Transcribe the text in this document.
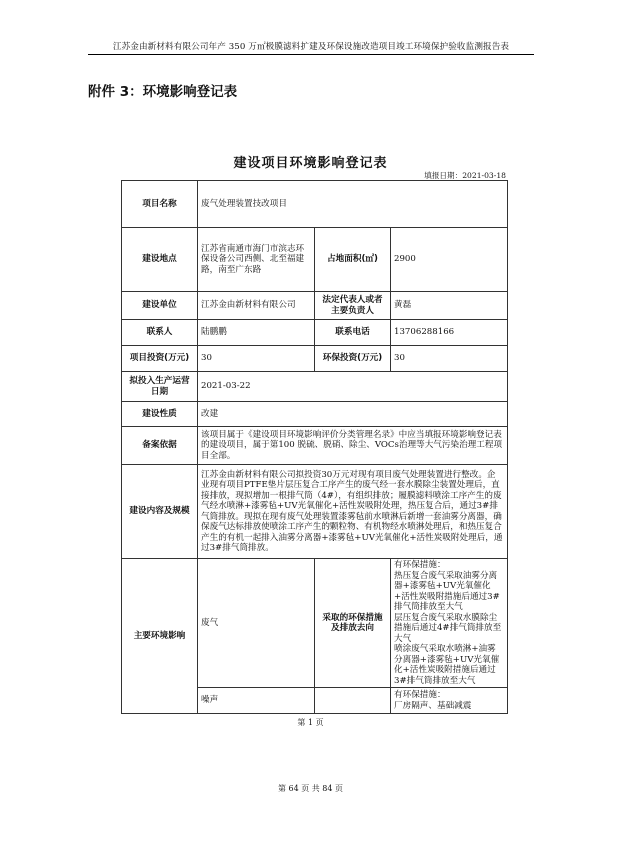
江苏金由新材料有限公司年产 350 万㎡极膜滤料扩建及环保设施改造项目竣工环境保护验收监测报告表
附件 3：环境影响登记表
建设项目环境影响登记表
填报日期：2021-03-18
项目名称	废气处理装置技改项目		
建设地点	江苏省南通市海门市滨志环保设备公司西侧、北至福建路，南至广东路	占地面积(㎡)	2900
建设单位	江苏金由新材料有限公司	法定代表人或者
主要负责人	黄磊
联系人	陆鹏鹏	联系电话	13706288166
项目投资(万元)	30	环保投资(万元)	30
拟投入生产运营
日期	2021-03-22		
建设性质	改建		
备案依据	该项目属于《建设项目环境影响评价分类管理名录》中应当填报环境影响登记表的建设项目，属于第100 脱硫、脱硝、除尘、VOCs治理等大气污染治理工程项目全部。		
建设内容及规模	江苏金由新材料有限公司拟投资30万元对现有项目废气处理装置进行整改。企业现有项目PTFE垫片层压复合工序产生的废气经一套水膜除尘装置处理后，直接排放，现拟增加一根排气筒（4#），有组织排放；履膜滤料喷涂工序产生的废气经水喷淋+漆雾毡+UV光氧催化+活性炭吸附处理，热压复合后，通过3#排气筒排放。现拟在现有废气处理装置漆雾毡前水喷淋后新增一套油雾分离器，确保废气达标排放使喷涂工序产生的颗粒物、有机物经水喷淋处理后，和热压复合产生的有机一起排入油雾分离器+漆雾毡+UV光氧催化+活性炭吸附处理后，通过3#排气筒排放。		
主要环境影响	废气	采取的环保措施
及排放去向	有环保措施：
热压复合废气采取油雾分离器+漆雾毡+UV光氧催化+活性炭吸附措施后通过3#排气筒排放至大气
层压复合废气采取水膜除尘措施后通过4#排气筒排放至大气
喷涂废气采取水喷淋+油雾分离器+漆雾毡+UV光氧催化+活性炭吸附措施后通过3#排气筒排放至大气
	噪声		有环保措施：
厂房隔声、基础减震
第 1 页
第 64 页 共 84 页
